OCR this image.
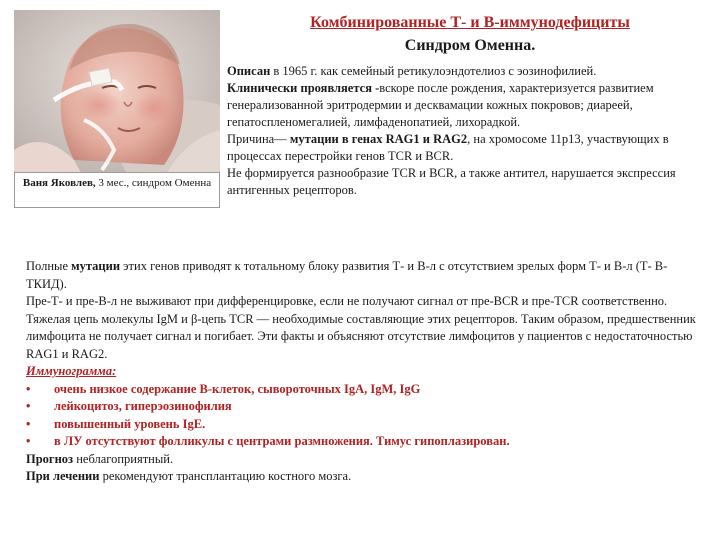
Ваня Яковлев, 3 мес., синдром Оменна
Комбинированные Т- и В-иммунодефициты
Синдром Оменна.

Описан в 1965 г. как семейный ретикулоэндотелиоз с эозинофилией.

Клинически проявляется -вскоре после рождения, характеризуется развитием генерализованной эритродермии и десквамации кожных покровов; диареей, гепатоспленомегалией, лимфаденопатией, лихорадкой.

Причина— мутации в генах RAG1 и RAG2, на хромосоме 11р13, участвующих в процессах перестройки генов TCR и BCR.

Не формируется разнообразие TCR и BCR, а также антител, нарушается экспрессия антигенных рецепторов.

Полные мутации этих генов приводят к тотальному блоку развития Т- и В-л с отсутствием зрелых форм Т- и В-л (Т- В-ТКИД).

Пре-Т- и пре-В-л не выживают при дифференцировке, если не получают сигнал от пре-BCR и пре-TCR соответственно. Тяжелая цепь молекулы IgM и β-цепь TCR — необходимые составляющие этих рецепторов. Таким образом, предшественник лимфоцита не получает сигнал и погибает. Эти факты и объясняют отсутствие лимфоцитов у пациентов с недостаточностью RAG1 и RAG2.

Иммунограмма:

•	очень низкое содержание В-клеток, сывороточных IgA, IgM, IgG
•	лейкоцитоз, гиперэозинофилия
•	повышенный уровень IgE.
•	в ЛУ отсутствуют фолликулы с центрами размножения. Тимус гипоплазирован.

Прогноз неблагоприятный.

При лечении рекомендуют трансплантацию костного мозга.
